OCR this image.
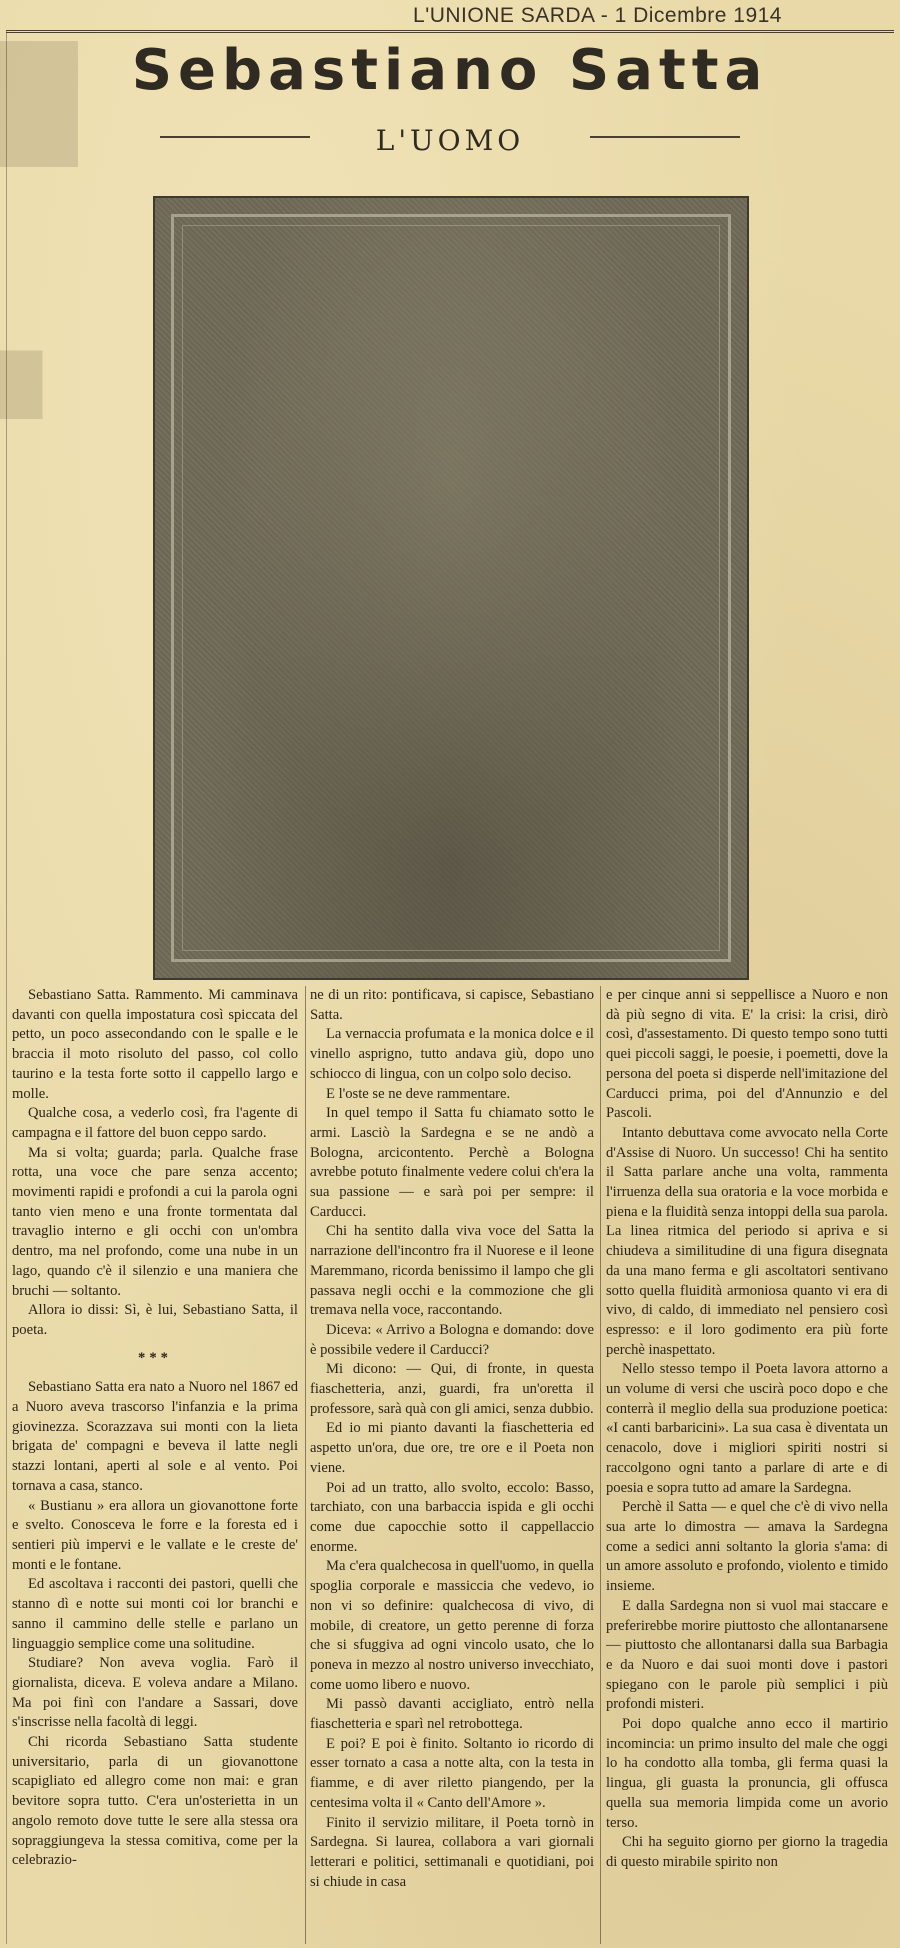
█
█
L'UNIONE SARDA - 1 Dicembre 1914
Sebastiano Satta
L'UOMO

Sebastiano Satta. Rammento. Mi camminava davanti con quella impostatura così spiccata del petto, un poco assecondando con le spalle e le braccia il moto risoluto del passo, col collo taurino e la testa forte sotto il cappello largo e molle.

Qualche cosa, a vederlo così, fra l'agente di campagna e il fattore del buon ceppo sardo.

Ma si volta; guarda; parla. Qualche frase rotta, una voce che pare senza accento; movimenti rapidi e profondi a cui la parola ogni tanto vien meno e una fronte tormentata dal travaglio interno e gli occhi con un'ombra dentro, ma nel profondo, come una nube in un lago, quando c'è il silenzio e una maniera che bruchi — soltanto.

Allora io dissi: Sì, è lui, Sebastiano Satta, il poeta.

***

Sebastiano Satta era nato a Nuoro nel 1867 ed a Nuoro aveva trascorso l'infanzia e la prima giovinezza. Scorazzava sui monti con la lieta brigata de' compagni e beveva il latte negli stazzi lontani, aperti al sole e al vento. Poi tornava a casa, stanco.

« Bustianu » era allora un giovanottone forte e svelto. Conosceva le forre e la foresta ed i sentieri più impervi e le vallate e le creste de' monti e le fontane.

Ed ascoltava i racconti dei pastori, quelli che stanno dì e notte sui monti coi lor branchi e sanno il cammino delle stelle e parlano un linguaggio semplice come una solitudine.

Studiare? Non aveva voglia. Farò il giornalista, diceva. E voleva andare a Milano. Ma poi finì con l'andare a Sassari, dove s'inscrisse nella facoltà di leggi.

Chi ricorda Sebastiano Satta studente universitario, parla di un giovanottone scapigliato ed allegro come non mai: e gran bevitore sopra tutto. C'era un'osterietta in un angolo remoto dove tutte le sere alla stessa ora sopraggiungeva la stessa comitiva, come per la celebrazio-

ne di un rito: pontificava, si capisce, Sebastiano Satta.

La vernaccia profumata e la monica dolce e il vinello asprigno, tutto andava giù, dopo uno schiocco di lingua, con un colpo solo deciso.

E l'oste se ne deve rammentare.

In quel tempo il Satta fu chiamato sotto le armi. Lasciò la Sardegna e se ne andò a Bologna, arcicontento. Perchè a Bologna avrebbe potuto finalmente vedere colui ch'era la sua passione — e sarà poi per sempre: il Carducci.

Chi ha sentito dalla viva voce del Satta la narrazione dell'incontro fra il Nuorese e il leone Maremmano, ricorda benissimo il lampo che gli passava negli occhi e la commozione che gli tremava nella voce, raccontando.

Diceva: « Arrivo a Bologna e domando: dove è possibile vedere il Carducci?

Mi dicono: — Qui, di fronte, in questa fiaschetteria, anzi, guardi, fra un'oretta il professore, sarà quà con gli amici, senza dubbio.

Ed io mi pianto davanti la fiaschetteria ed aspetto un'ora, due ore, tre ore e il Poeta non viene.

Poi ad un tratto, allo svolto, eccolo: Basso, tarchiato, con una barbaccia ispida e gli occhi come due capocchie sotto il cappellaccio enorme.

Ma c'era qualchecosa in quell'uomo, in quella spoglia corporale e massiccia che vedevo, io non vi so definire: qualchecosa di vivo, di mobile, di creatore, un getto perenne di forza che si sfuggiva ad ogni vincolo usato, che lo poneva in mezzo al nostro universo invecchiato, come uomo libero e nuovo.

Mi passò davanti accigliato, entrò nella fiaschetteria e sparì nel retrobottega.

E poi? E poi è finito. Soltanto io ricordo di esser tornato a casa a notte alta, con la testa in fiamme, e di aver riletto piangendo, per la centesima volta il « Canto dell'Amore ».

Finito il servizio militare, il Poeta tornò in Sardegna. Si laurea, collabora a vari giornali letterari e politici, settimanali e quotidiani, poi si chiude in casa

e per cinque anni si seppellisce a Nuoro e non dà più segno di vita. E' la crisi: la crisi, dirò così, d'assestamento. Di questo tempo sono tutti quei piccoli saggi, le poesie, i poemetti, dove la persona del poeta si disperde nell'imitazione del Carducci prima, poi del d'Annunzio e del Pascoli.

Intanto debuttava come avvocato nella Corte d'Assise di Nuoro. Un successo! Chi ha sentito il Satta parlare anche una volta, rammenta l'irruenza della sua oratoria e la voce morbida e piena e la fluidità senza intoppi della sua parola. La linea ritmica del periodo si apriva e si chiudeva a similitudine di una figura disegnata da una mano ferma e gli ascoltatori sentivano sotto quella fluidità armoniosa quanto vi era di vivo, di caldo, di immediato nel pensiero così espresso: e il loro godimento era più forte perchè inaspettato.

Nello stesso tempo il Poeta lavora attorno a un volume di versi che uscirà poco dopo e che conterrà il meglio della sua produzione poetica: «I canti barbaricini». La sua casa è diventata un cenacolo, dove i migliori spiriti nostri si raccolgono ogni tanto a parlare di arte e di poesia e sopra tutto ad amare la Sardegna.

Perchè il Satta — e quel che c'è di vivo nella sua arte lo dimostra — amava la Sardegna come a sedici anni soltanto la gloria s'ama: di un amore assoluto e profondo, violento e timido insieme.

E dalla Sardegna non si vuol mai staccare e preferirebbe morire piuttosto che allontanarsene — piuttosto che allontanarsi dalla sua Barbagia e da Nuoro e dai suoi monti dove i pastori spiegano con le parole più semplici i più profondi misteri.

Poi dopo qualche anno ecco il martirio incomincia: un primo insulto del male che oggi lo ha condotto alla tomba, gli ferma quasi la lingua, gli guasta la pronuncia, gli offusca quella sua memoria limpida come un avorio terso.

Chi ha seguito giorno per giorno la tragedia di questo mirabile spirito non
